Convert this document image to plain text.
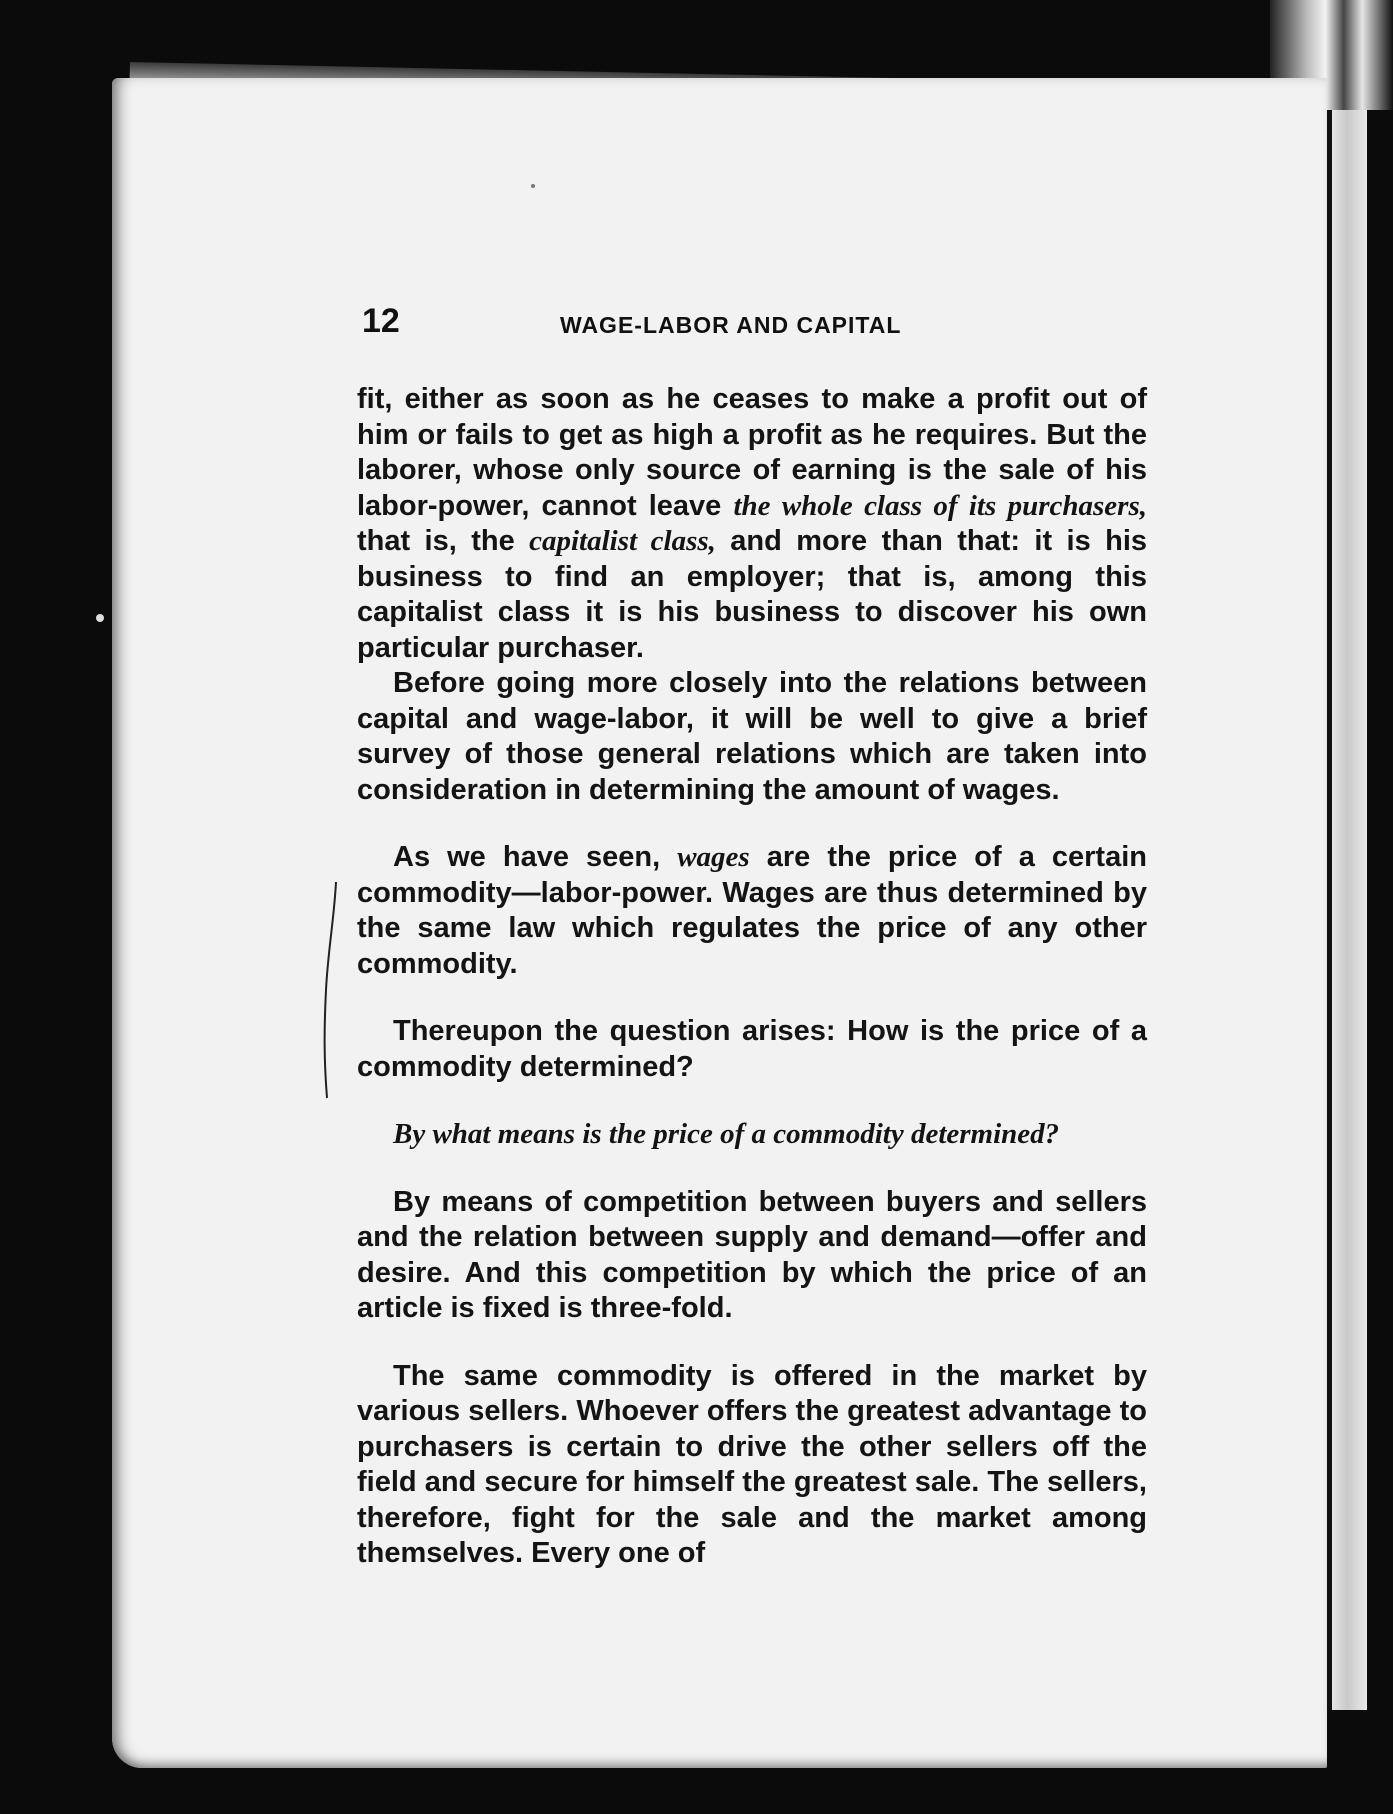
12	WAGE-LABOR AND CAPITAL

fit, either as soon as he ceases to make a profit out of him or fails to get as high a profit as he requires. But the laborer, whose only source of earning is the sale of his labor-power, cannot leave the whole class of its purchasers, that is, the capitalist class, and more than that: it is his business to find an employer; that is, among this capitalist class it is his business to discover his own particular purchaser.

Before going more closely into the relations between capital and wage-labor, it will be well to give a brief survey of those general relations which are taken into consideration in determining the amount of wages.

As we have seen, wages are the price of a certain commodity—labor-power. Wages are thus determined by the same law which regulates the price of any other commodity.

Thereupon the question arises: How is the price of a commodity determined?

By what means is the price of a commodity determined?

By means of competition between buyers and sellers and the relation between supply and demand—offer and desire. And this competition by which the price of an article is fixed is three-fold.

The same commodity is offered in the market by various sellers. Whoever offers the greatest advantage to purchasers is certain to drive the other sellers off the field and secure for himself the greatest sale. The sellers, therefore, fight for the sale and the market among themselves. Every one of
